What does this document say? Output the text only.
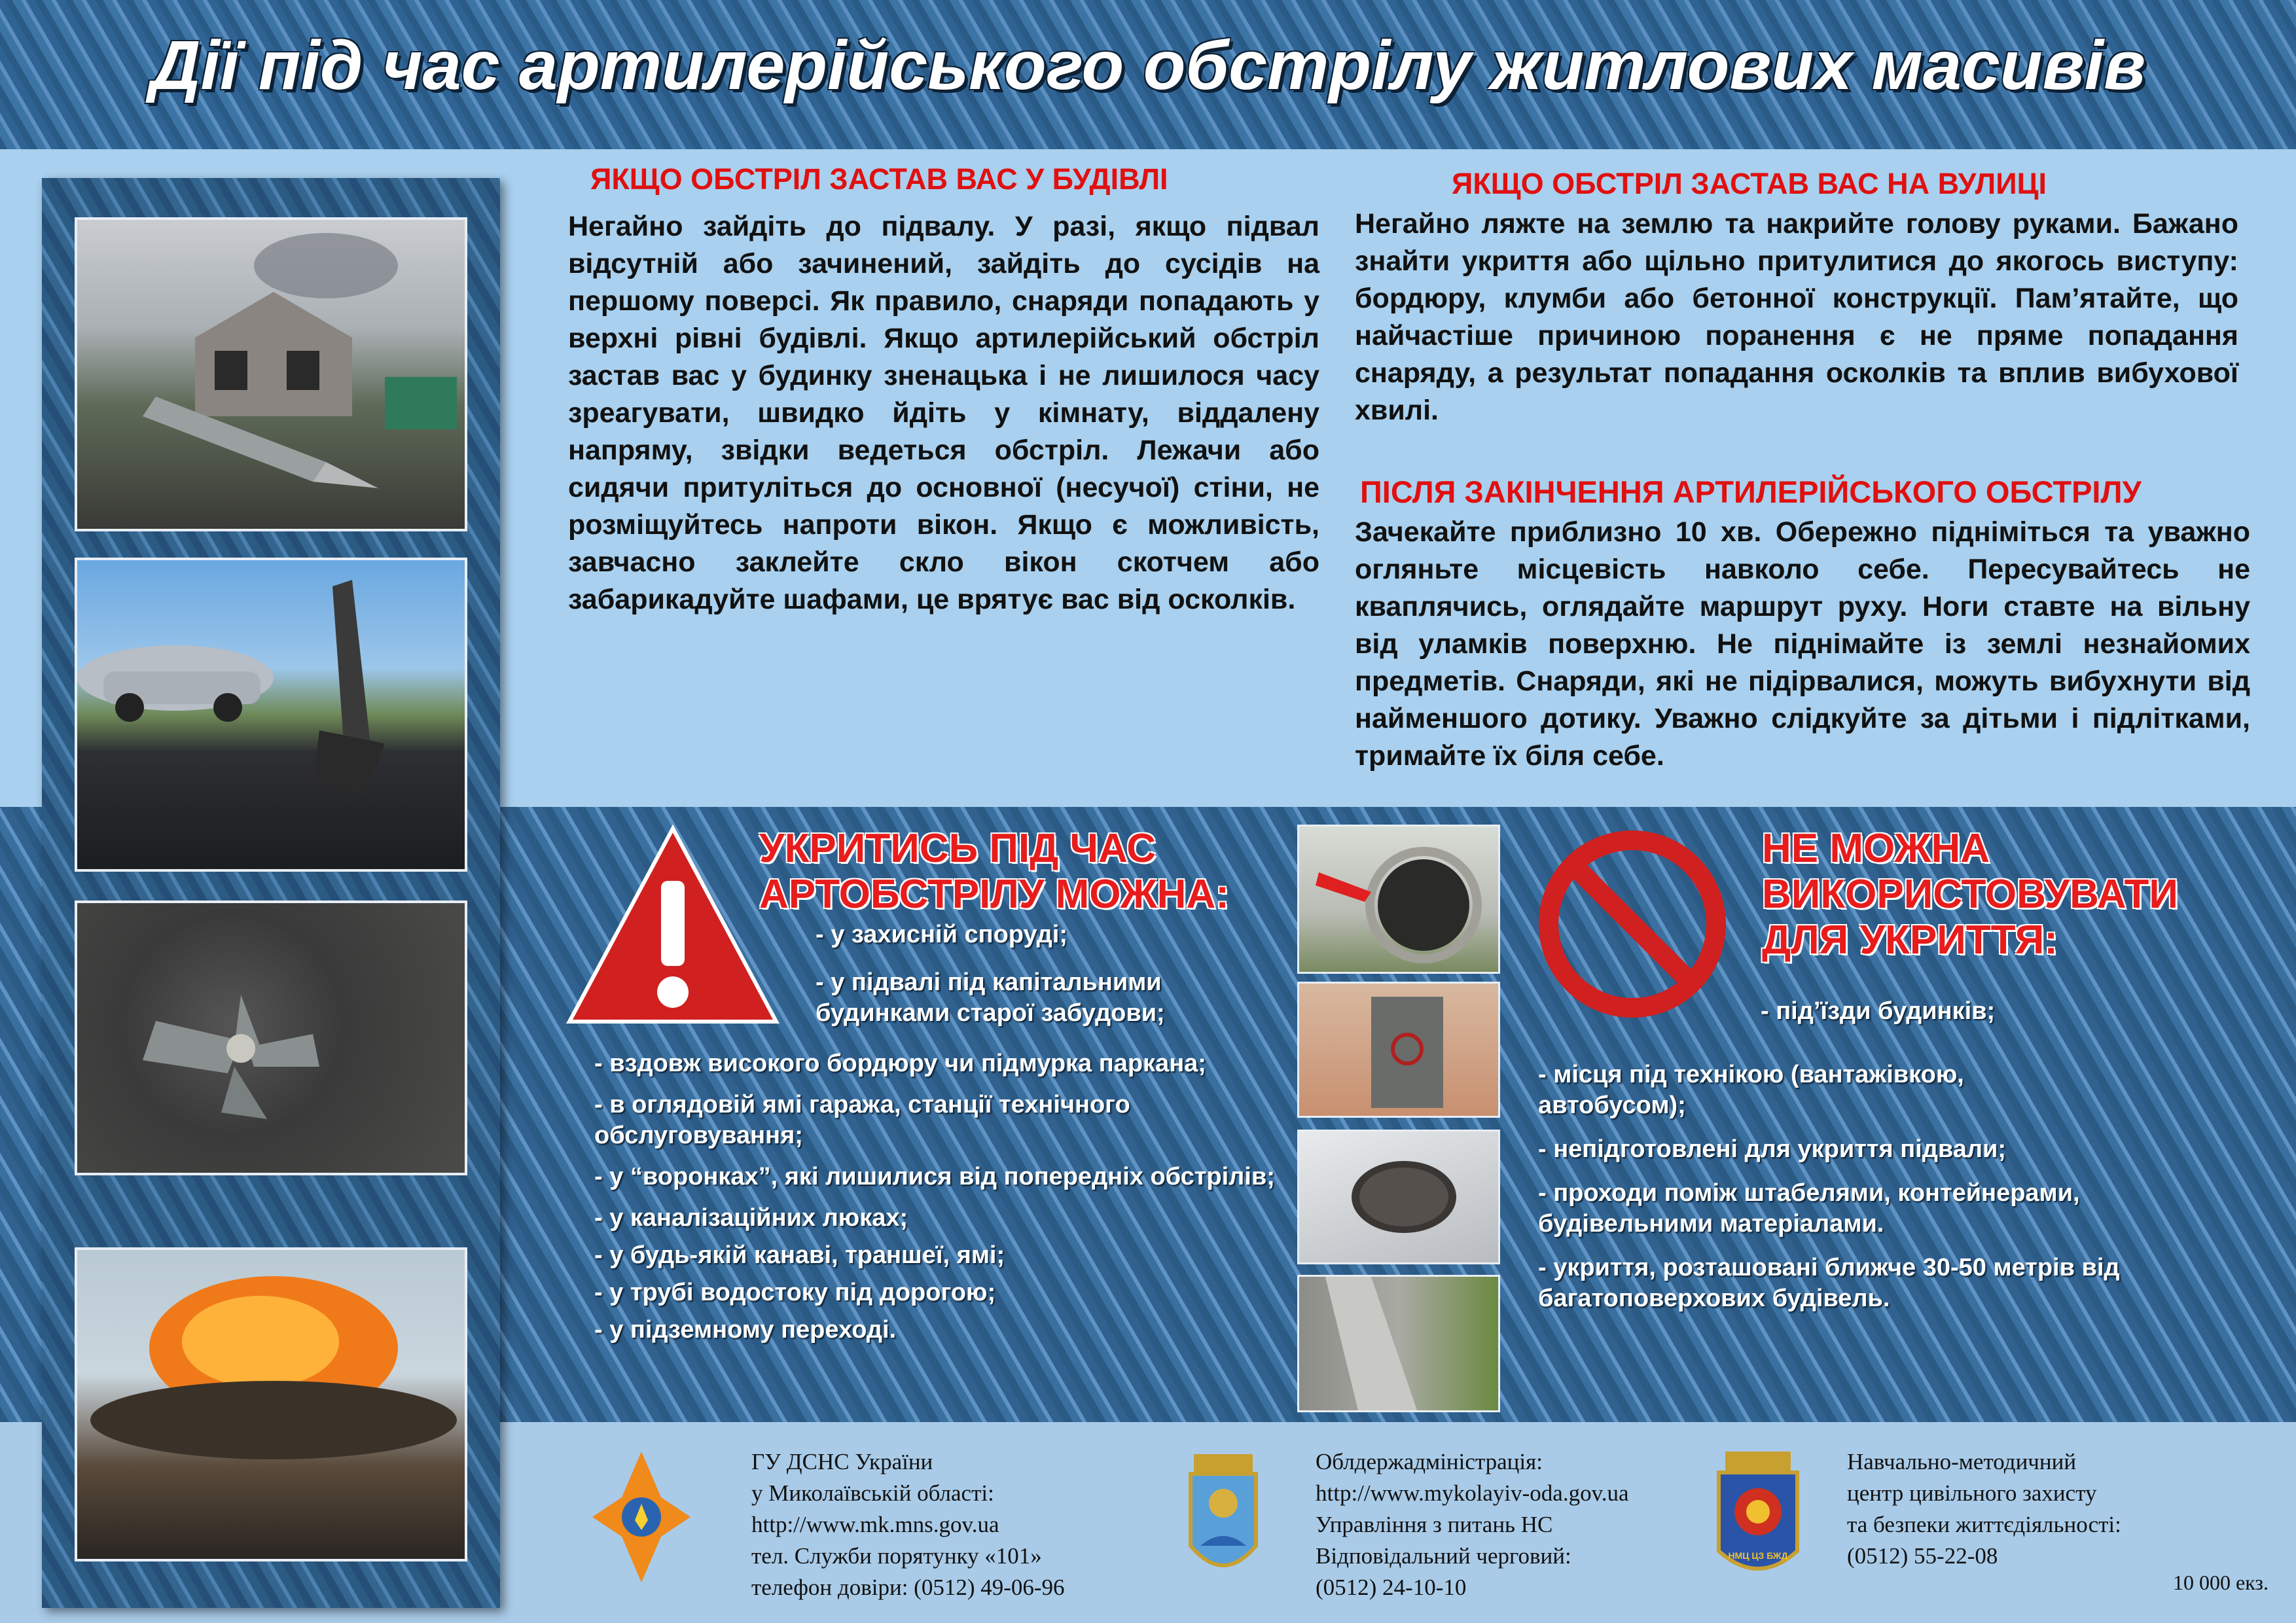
Дії під час артилерійського обстрілу житлових масивів
ЯКЩО ОБСТРІЛ ЗАСТАВ ВАС У БУДІВЛІ
Негайно зайдіть до підвалу. У разі, якщо підвал відсутній або зачинений, зайдіть до сусідів на першому поверсі. Як правило, снаряди попадають у верхні рівні будівлі. Якщо артилерійський обстріл застав вас у будинку зненацька і не лишилося часу зреагувати, швидко йдіть у кімнату, віддалену напряму, звідки ведеться обстріл. Лежачи або сидячи притуліться до основної (несучої) стіни, не розміщуйтесь напроти вікон. Якщо є можливість, завчасно заклейте скло вікон скотчем або забарикадуйте шафами, це врятує вас від осколків.
ЯКЩО ОБСТРІЛ ЗАСТАВ ВАС НА ВУЛИЦІ
Негайно ляжте на землю та накрийте голову руками. Бажано знайти укриття або щільно притулитися до якогось виступу: бордюру, клумби або бетонної конструкції. Пам’ятайте, що найчастіше причиною поранення є не пряме попадання снаряду, а результат попадання осколків та вплив вибухової хвилі.
ПІСЛЯ ЗАКІНЧЕННЯ АРТИЛЕРІЙСЬКОГО ОБСТРІЛУ
Зачекайте приблизно 10 хв. Обережно підніміться та уважно огляньте місцевість навколо себе. Пересувайтесь не кваплячись, оглядайте маршрут руху. Ноги ставте на вільну від уламків поверхню. Не піднімайте із землі незнайомих предметів. Снаряди, які не підірвалися, можуть вибухнути від найменшого дотику. Уважно слідкуйте за дітьми і підлітками, тримайте їх біля себе.
УКРИТИСЬ ПІД ЧАС
АРТОБСТРІЛУ МОЖНА:
- у захисній споруді;
- у підвалі під капітальними будинками старої забудови;
- вздовж високого бордюру чи підмурка паркана;
- в оглядовій ямі гаража, станції технічного обслуговування;
- у “воронках”, які лишилися від попередніх обстрілів;
- у каналізаційних люках;
- у будь-якій канаві, траншеї, ямі;
- у трубі водостоку під дорогою;
- у підземному переході.
НЕ МОЖНА
ВИКОРИСТОВУВАТИ
ДЛЯ УКРИТТЯ:
- під’їзди будинків;
- місця під технікою (вантажівкою, автобусом);
- непідготовлені для укриття підвали;
- проходи поміж штабелями, контейнерами, будівельними матеріалами.
- укриття, розташовані ближче 30-50 метрів від багатоповерхових будівель.
НМЦ ЦЗ БЖД
ГУ ДСНС України
у Миколаївській області:
http://www.mk.mns.gov.ua
тел. Служби порятунку «101»
телефон довіри: (0512) 49-06-96
Облдержадміністрація:
http://www.mykolayiv-oda.gov.ua
Управління з питань НС
Відповідальний черговий:
(0512) 24-10-10
Навчально-методичний
центр цивільного захисту
та безпеки життєдіяльності:
(0512) 55-22-08
10 000 екз.
